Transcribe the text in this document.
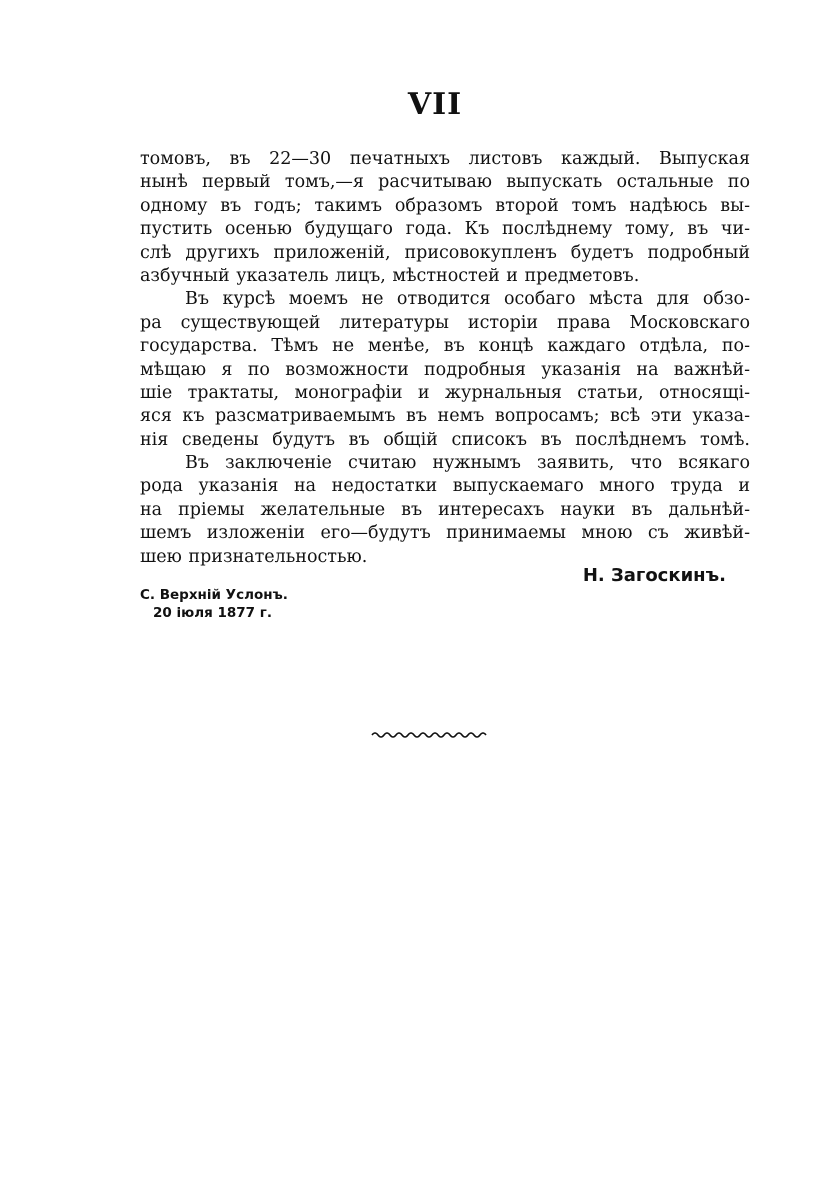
VII
томовъ, въ 22—30 печатныхъ листовъ каждый. Выпуская
нынѣ первый томъ,—я расчитываю выпускать остальные по
одному въ годъ; такимъ образомъ второй томъ надѣюсь вы-
пустить осенью будущаго года. Къ послѣднему тому, въ чи-
слѣ другихъ приложеній, присовокупленъ будетъ подробный
азбучный указатель лицъ, мѣстностей и предметовъ.
Въ курсѣ моемъ не отводится особаго мѣста для обзо-
ра существующей литературы исторіи права Московскаго
государства. Тѣмъ не менѣе, въ концѣ каждаго отдѣла, по-
мѣщаю я по возможности подробныя указанія на важнѣй-
шіе трактаты, монографіи и журнальныя статьи, относящі-
яся къ разсматриваемымъ въ немъ вопросамъ; всѣ эти указа-
нія сведены будутъ въ общій списокъ въ послѣднемъ томѣ.
Въ заключеніе считаю нужнымъ заявить, что всякаго
рода указанія на недостатки выпускаемаго много труда и
на пріемы желательные въ интересахъ науки въ дальнѣй-
шемъ изложеніи его—будутъ принимаемы мною съ живѣй-
шею признательностью.
Н. Загоскинъ.
С. Верхній Услонъ.
20 іюля 1877 г.
